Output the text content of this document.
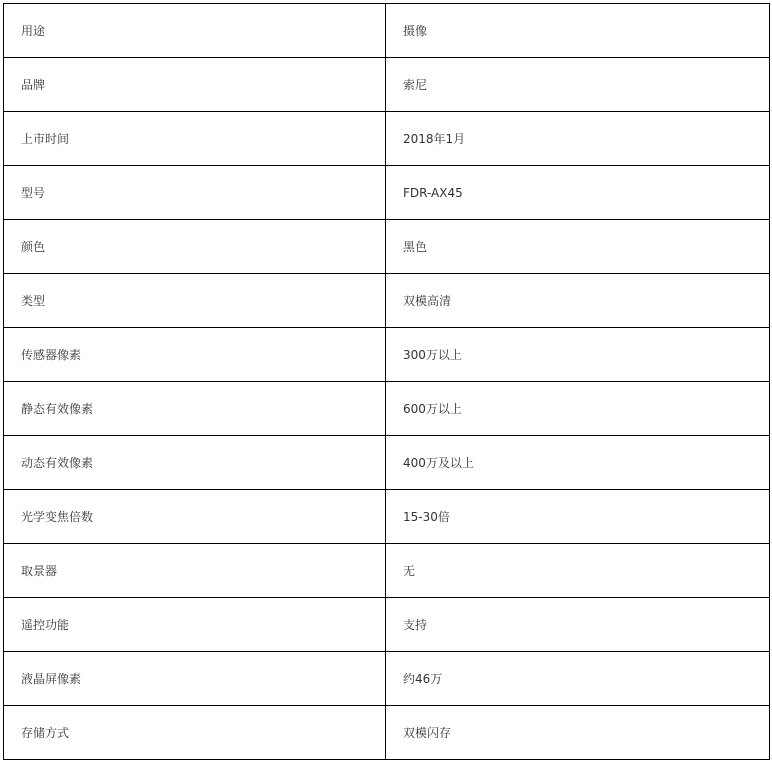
用途	摄像
品牌	索尼
上市时间	2018年1月
型号	FDR-AX45
颜色	黑色
类型	双模高清
传感器像素	300万以上
静态有效像素	600万以上
动态有效像素	400万及以上
光学变焦倍数	15-30倍
取景器	无
遥控功能	支持
液晶屏像素	约46万
存储方式	双模闪存
